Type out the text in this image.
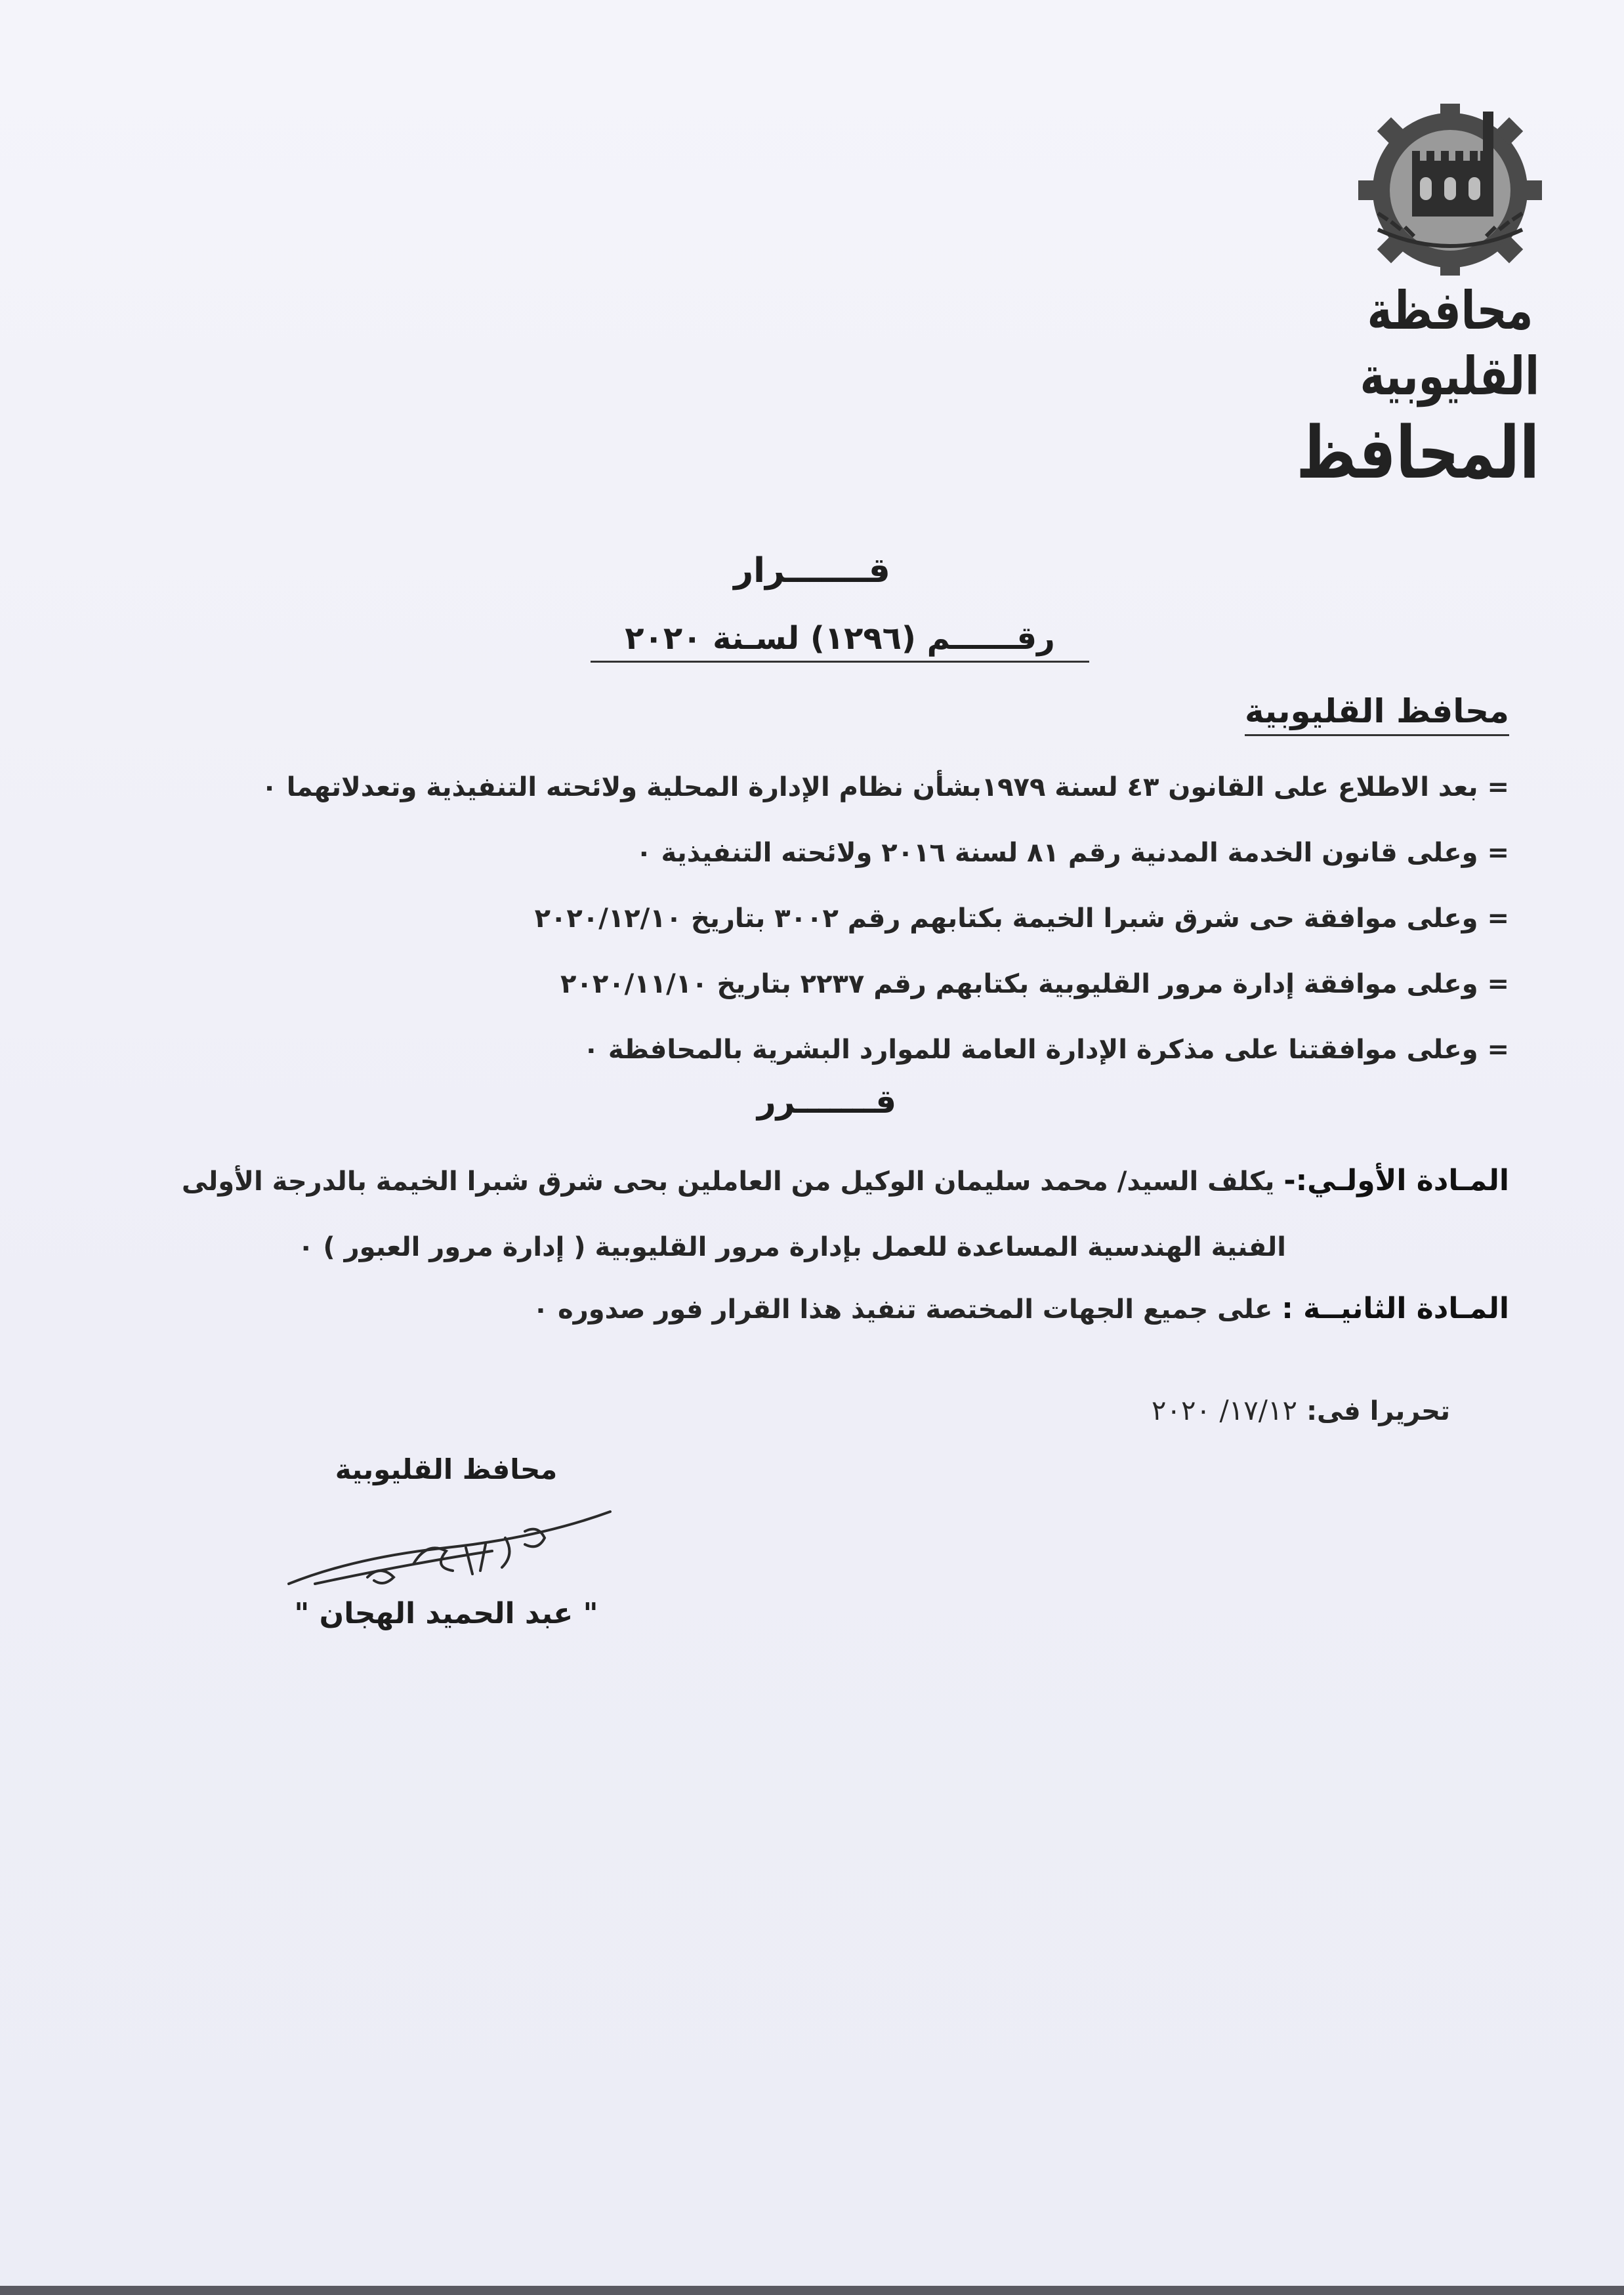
محافظة القليوبية
المحافظ
قـــــــرار
رقــــــم (١٢٩٦) لسـنة ٢٠٢٠
محافظ القليوبية
= بعد الاطلاع على القانون ٤٣ لسنة ١٩٧٩بشأن نظام الإدارة المحلية ولائحته التنفيذية وتعدلاتهما ٠
= وعلى قانون الخدمة المدنية رقم ٨١ لسنة ٢٠١٦ ولائحته التنفيذية ٠
= وعلى موافقة حى شرق شبرا الخيمة بكتابهم رقم ٣٠٠٢ بتاريخ ٢٠٢٠/١٢/١٠
= وعلى موافقة إدارة مرور القليوبية بكتابهم رقم ٢٢٣٧ بتاريخ ٢٠٢٠/١١/١٠
= وعلى موافقتنا على مذكرة الإدارة العامة للموارد البشرية بالمحافظة ٠
قـــــــرر
المـادة الأولـي:- يكلف السيد/ محمد سليمان الوكيل من العاملين بحى شرق شبرا الخيمة بالدرجة الأولى
الفنية الهندسية المساعدة للعمل بإدارة مرور القليوبية ( إدارة مرور العبور ) ٠
المـادة الثانيــة : على جميع الجهات المختصة تنفيذ هذا القرار فور صدوره ٠
تحريرا فى:١٧/١٢/ ٢٠٢٠
محافظ القليوبية
" عبد الحميد الهجان "
